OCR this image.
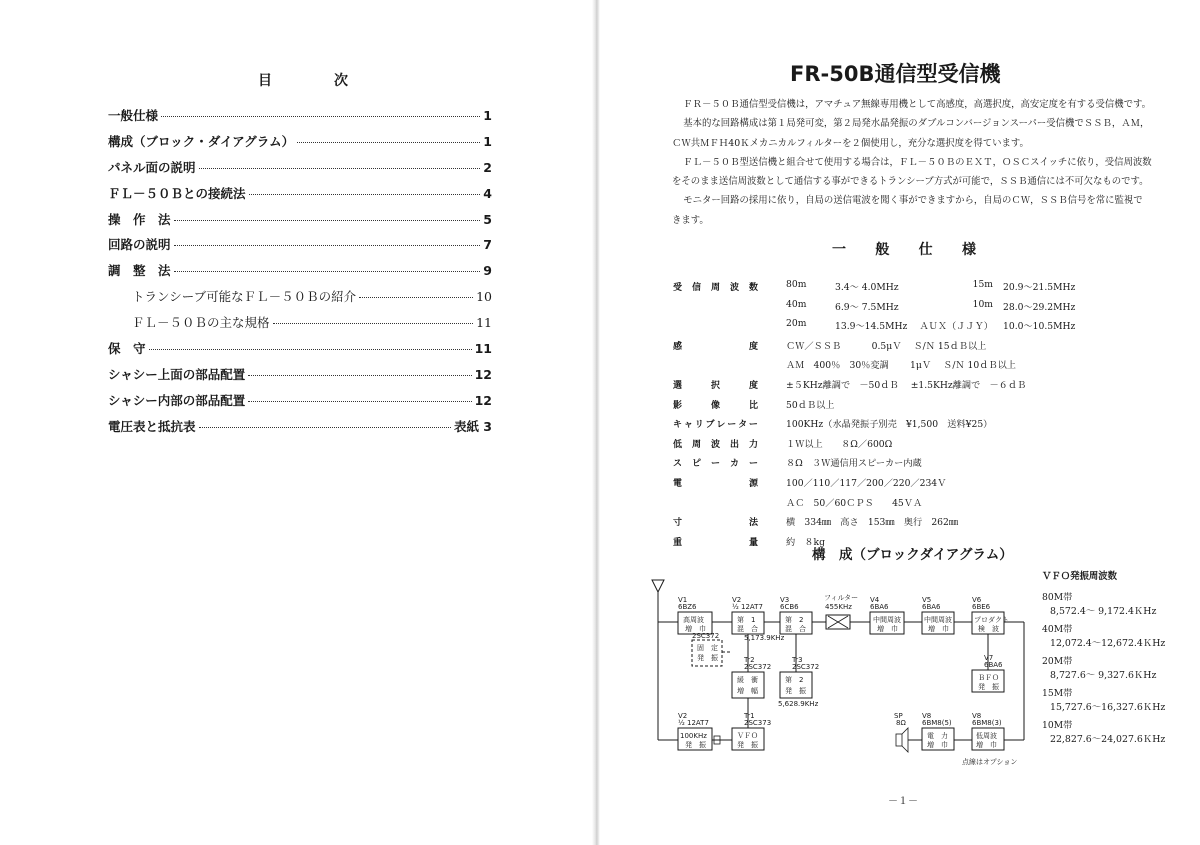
目	次
一般仕様	1
構成（ブロック・ダイアグラム）	1
パネル面の説明	2
ＦＬ－５０Ｂとの接続法	4
操　作　法	5
回路の説明	7
調　整　法	9
トランシーブ可能なＦＬ－５０Ｂの紹介	10
ＦＬ－５０Ｂの主な規格	11
保　守	11
シャシー上面の部品配置	12
シャシー内部の部品配置	12
電圧表と抵抗表	表紙 3
FR-50B通信型受信機

ＦＲ－５０Ｂ通信型受信機は，アマチュア無線専用機として高感度，高選択度，高安定度を有する受信機です。

基本的な回路構成は第１局発可変，第２局発水晶発振のダブルコンバージョンスーパー受信機でＳＳＢ，ＡＭ，

ＣＷ共ＭＦＨ40Ｋメカニカルフィルターを２個使用し，充分な選択度を得ています。

ＦＬ－５０Ｂ型送信機と組合せて使用する場合は，ＦＬ－５０ＢのＥＸＴ，ＯＳＣスイッチに依り，受信周波数

をそのまま送信周波数として通信する事ができるトランシーブ方式が可能で，ＳＳＢ通信には不可欠なものです。

モニター回路の採用に依り，自局の送信電波を聞く事ができますから，自局のＣＷ，ＳＳＢ信号を常に監視で

きます。

一 般 仕 様
受 信 周 波 数	80m	3.4～ 4.0MHz	15m 20.9～21.5MHz
40m	6.9～ 7.5MHz	10m 28.0～29.2MHz
20m	13.9～14.5MHz	ＡＵＸ（ＪＪＹ） 10.0～10.5MHz
感	度	ＣＷ／ＳＳＢ　　　 0.5μＶ　 Ｓ/Ｎ 15ｄＢ以上
ＡＭ　400％　30％変調　　 1μＶ　 Ｓ/Ｎ 10ｄＢ以上
選	択	度	±５KHz離調で　－50ｄＢ　 ±1.5KHz離調で　－６ｄＢ
影	像	比	50ｄＢ以上
キ ャ リ ブ レ ー タ ー	100KHz（水晶発振子別売　¥1,500　送料¥25）
低 周 波 出 力	１Ｗ以上　　８Ω／600Ω
ス ピ ー カ ー	８Ω　３Ｗ通信用スピーカー内蔵
電	源	100／110／117／200／220／234Ｖ
ＡＣ　50／60ＣＰＳ　　45ＶＡ
寸	法	横　334㎜　高さ　153㎜　奥行　262㎜
重	量	約　８kg
構　成（ブロックダイアグラム）
V1
6BZ6
高周波
増　巾
V2
½ 12AT7
第　1
混　合
V3
6CB6
第　2
混　合
フィルター
455KHz
V4
6BA6
中間周波
増　巾
V5
6BA6
中間周波
増　巾
V6
6BE6
プロダクト
検　波
V7
6BA6
ＢＦＯ
発　振
V8
6BM8(3)
低周波
増　巾
V8
6BM8(5)
電　力
増　巾
SP
8Ω
2SC372
固　定
発　振
5,173.9KHz
Tr2
2SC372
緩　衝
増　幅
Tr3
2SC372
第　2
発　振
5,628.9KHz
Tr1
2SC373
ＶＦＯ
発　振
V2
½ 12AT7
100KHz
発　振
点線はオプション
ＶＦＯ発振周波数
80M帯
8,572.4～ 9,172.4ＫHz
40M帯
12,072.4～12,672.4ＫHz
20M帯
8,727.6～ 9,327.6ＫHz
15M帯
15,727.6～16,327.6ＫHz
10M帯
22,827.6～24,027.6ＫHz
－１－
